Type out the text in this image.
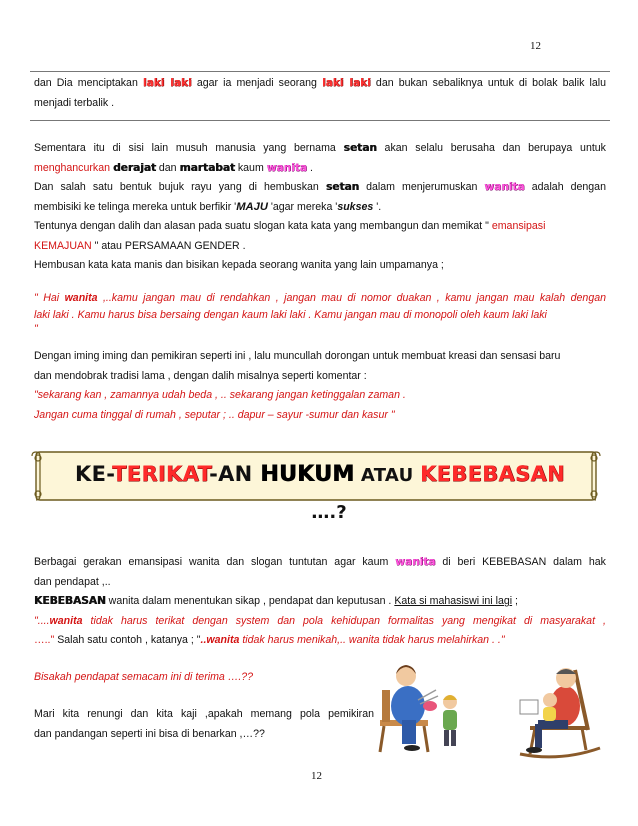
12
dan Dia menciptakan laki laki agar ia menjadi seorang laki laki dan bukan sebaliknya untuk di bolak balik lalu
menjadi terbalik .
Sementara itu di sisi lain musuh manusia yang bernama setan akan selalu berusaha dan berupaya untuk
menghancurkan derajat dan martabat kaum wanita .
Dan salah satu bentuk bujuk rayu yang di hembuskan setan dalam menjerumuskan wanita adalah dengan
membisiki ke telinga mereka untuk berfikir 'MAJU 'agar mereka 'sukses '.
Tentunya dengan dalih dan alasan pada suatu slogan kata kata yang membangun dan memikat " emansipasi
KEMAJUAN " atau PERSAMAAN GENDER .
Hembusan kata kata manis dan bisikan kepada seorang wanita yang lain umpamanya ;
" Hai wanita ,..kamu jangan mau di rendahkan , jangan mau di nomor duakan , kamu jangan mau kalah dengan
laki laki . Kamu harus bisa bersaing dengan kaum laki laki . Kamu jangan mau di monopoli oleh kaum laki laki
"
Dengan iming iming dan pemikiran seperti ini , lalu muncullah dorongan untuk membuat kreasi dan sensasi baru
dan mendobrak tradisi lama , dengan dalih misalnya seperti komentar :
"sekarang kan , zamannya udah beda , .. sekarang jangan ketinggalan zaman .
Jangan cuma tinggal di rumah , seputar ; .. dapur – sayur -sumur dan kasur "
KE-TERIKAT-AN HUKUM ATAU KEBEBASAN
….?
Berbagai gerakan emansipasi wanita dan slogan tuntutan agar kaum wanita di beri KEBEBASAN dalam hak
dan pendapat ,..
KEBEBASAN wanita dalam menentukan sikap , pendapat dan keputusan . Kata si mahasiswi ini lagi ;
"....wanita tidak harus terikat dengan system dan pola kehidupan formalitas yang mengikat di masyarakat ,
….." Salah satu contoh , katanya ; "..wanita tidak harus menikah,.. wanita tidak harus melahirkan . ."
Bisakah pendapat semacam ini di terima ….??
Mari kita renungi dan kita kaji ,apakah memang pola pemikiran
dan pandangan seperti ini bisa di benarkan ,…??
12
